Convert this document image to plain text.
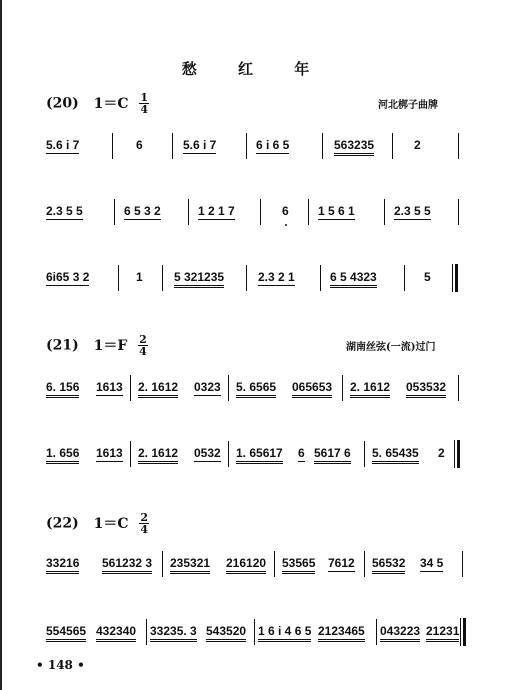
愁 红 年
(20) $1=C \frac{1}{4}$	河北梆子曲牌
5.6 i 7	6	5.6 i 7	6 i 6 5	563235	2
2.3 5 5	6 5 3 2	1 2 1 7	6 1 5 6 1	2.3 5 5
6i65 3 2	1	5 321235	2.3 2 1	6 5 4323	5
(21) $1=F \frac{2}{4}$	湖南丝弦(一流)过门
6. 156 1613 2. 1612 0323 5. 6565 065653 2. 1612 053532
1. 656 1613 2. 1612 0532 1. 65617 6 5617 6 5. 65435 2
(22) $1=C \frac{2}{4}$
33216 561232 3 235321 216120 53565 7612 56532 34 5
554565 432340 33235. 3 543520 1 6 i 4 6 5 2123465 043223 21231
• 148 •
